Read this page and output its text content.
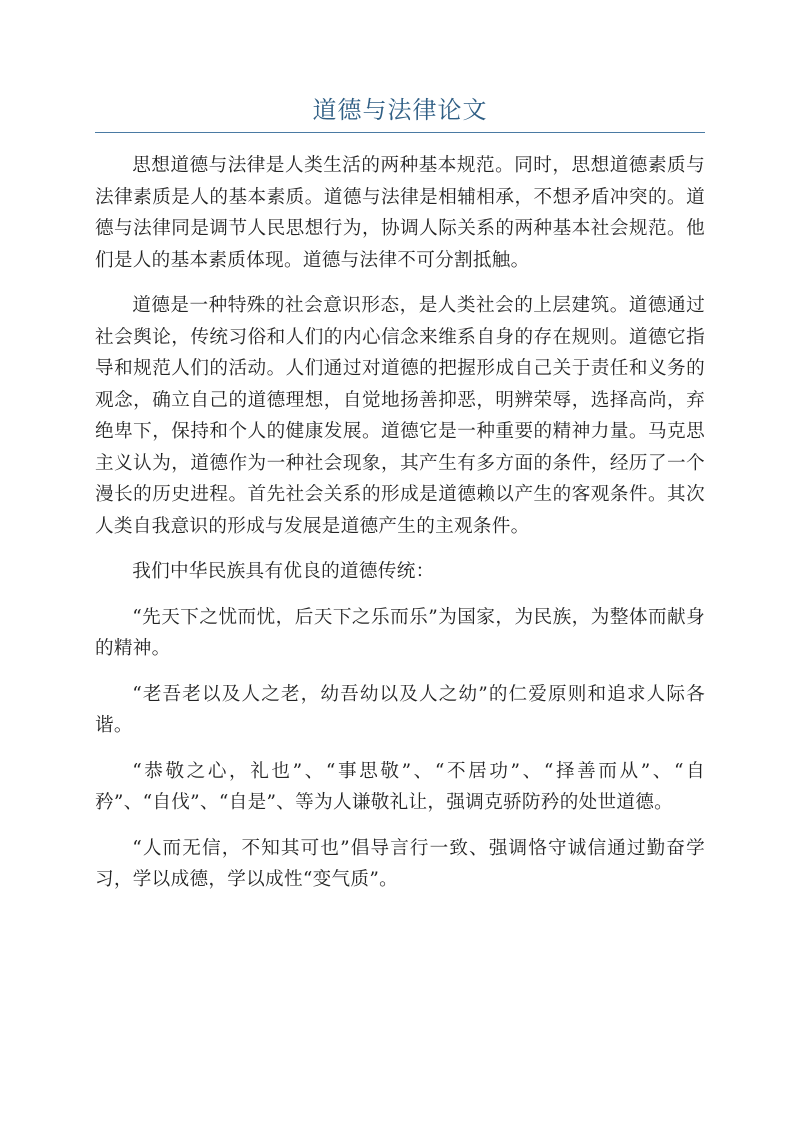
道德与法律论文

思想道德与法律是人类生活的两种基本规范。同时，思想道德素质与法律素质是人的基本素质。道德与法律是相辅相承，不想矛盾冲突的。道德与法律同是调节人民思想行为，协调人际关系的两种基本社会规范。他们是人的基本素质体现。道德与法律不可分割抵触。

道德是一种特殊的社会意识形态，是人类社会的上层建筑。道德通过社会舆论，传统习俗和人们的内心信念来维系自身的存在规则。道德它指导和规范人们的活动。人们通过对道德的把握形成自己关于责任和义务的观念，确立自己的道德理想，自觉地扬善抑恶，明辨荣辱，选择高尚，弃绝卑下，保持和个人的健康发展。道德它是一种重要的精神力量。马克思主义认为，道德作为一种社会现象，其产生有多方面的条件，经历了一个漫长的历史进程。首先社会关系的形成是道德赖以产生的客观条件。其次人类自我意识的形成与发展是道德产生的主观条件。

我们中华民族具有优良的道德传统：

“先天下之忧而忧，后天下之乐而乐”为国家，为民族，为整体而献身的精神。

“老吾老以及人之老，幼吾幼以及人之幼”的仁爱原则和追求人际各谐。

“恭敬之心，礼也”、“事思敬”、“不居功”、“择善而从”、“自矜”、“自伐”、“自是”、等为人谦敬礼让，强调克骄防矜的处世道德。

“人而无信，不知其可也”倡导言行一致、强调恪守诚信通过勤奋学习，学以成德，学以成性“变气质”。
